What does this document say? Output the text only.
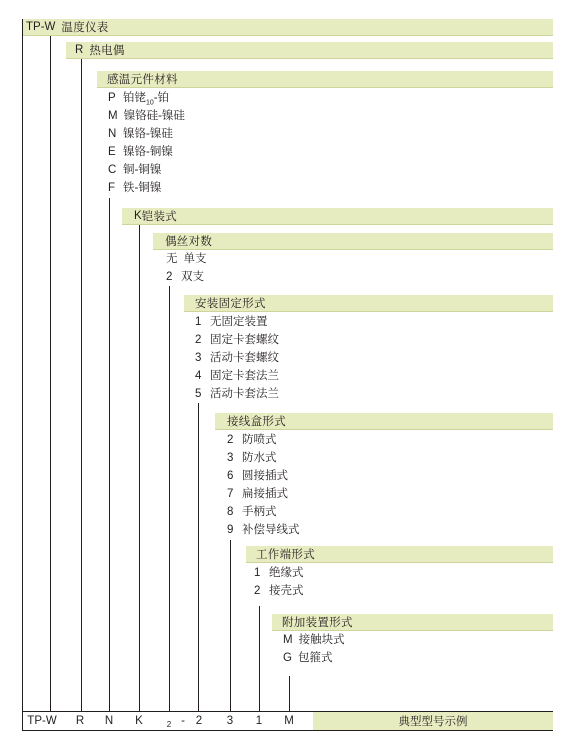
TP-W 温度仪表
R 热电偶
感温元件材料
P 铂铑$_{10}$-铂
M 镍铬硅-镍硅
N 镍铬-镍硅
E 镍铬-铜镍
C 铜-铜镍
F 铁-铜镍
K 铠装式
偶丝对数
无 单支
2 双支
安装固定形式
1 无固定装置
2 固定卡套螺纹
3 活动卡套螺纹
4 固定卡套法兰
5 活动卡套法兰
接线盒形式
2 防喷式
3 防水式
6 圆接插式
7 扁接插式
8 手柄式
9 补偿导线式
工作端形式
1 绝缘式
2 接壳式
附加装置形式
M 接触块式
G 包箍式
典型型号示例
TP-W R N K	2 - 2 3 1 M
